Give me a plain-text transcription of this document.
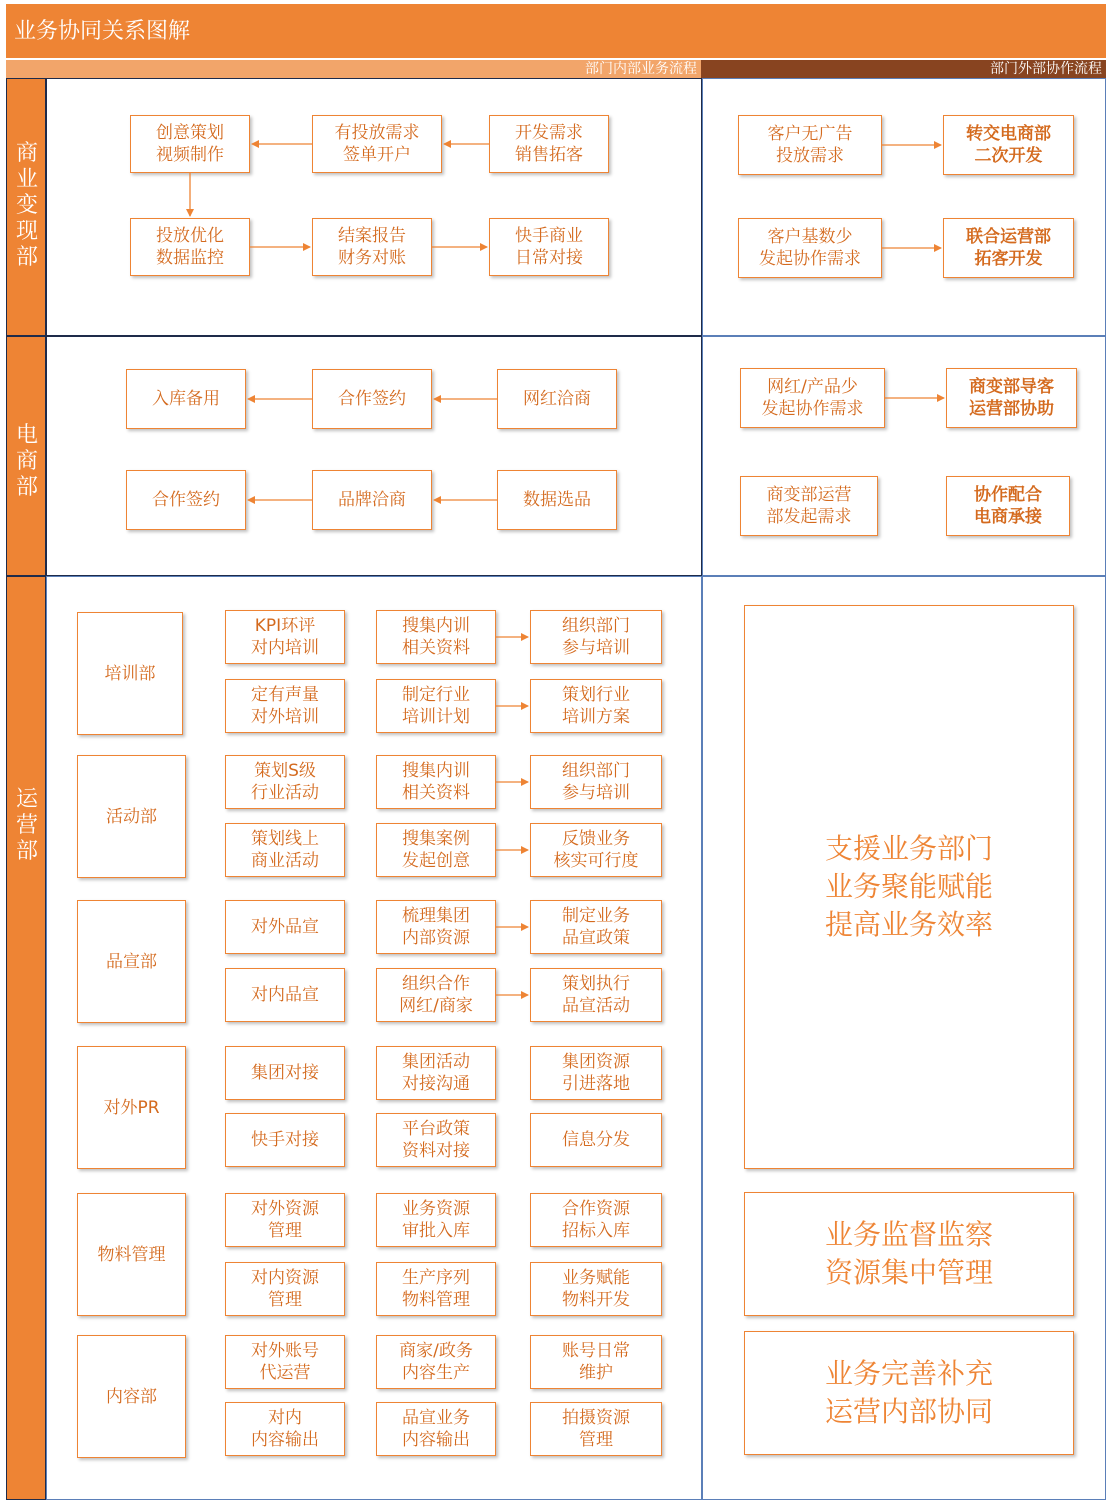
业务协同关系图解
部门内部业务流程	部门外部协作流程
商
业
变
现
部
电
商
部
运
营
部
创意策划
视频制作
有投放需求
签单开户
开发需求
销售拓客
投放优化
数据监控
结案报告
财务对账
快手商业
日常对接
客户无广告
投放需求
转交电商部
二次开发
客户基数少
发起协作需求
联合运营部
拓客开发
入库备用	合作签约	网红洽商
合作签约	品牌洽商	数据选品
网红/产品少
发起协作需求
商变部导客
运营部协助
商变部运营
部发起需求
协作配合
电商承接
培训部
KPI环评
对内培训
搜集内训
相关资料
组织部门
参与培训
定有声量
对外培训
制定行业
培训计划
策划行业
培训方案
活动部
策划S级
行业活动
搜集内训
相关资料
组织部门
参与培训
策划线上
商业活动
搜集案例
发起创意
反馈业务
核实可行度
品宣部
对外品宣
梳理集团
内部资源
制定业务
品宣政策
对内品宣
组织合作
网红/商家
策划执行
品宣活动
对外PR
集团对接
集团活动
对接沟通
集团资源
引进落地
快手对接
平台政策
资料对接
信息分发
物料管理
对外资源
管理
业务资源
审批入库
合作资源
招标入库
对内资源
管理
生产序列
物料管理
业务赋能
物料开发
内容部
对外账号
代运营
商家/政务
内容生产
账号日常
维护
对内
内容输出
品宣业务
内容输出
拍摄资源
管理
支援业务部门
业务聚能赋能
提高业务效率
业务监督监察
资源集中管理
业务完善补充
运营内部协同
